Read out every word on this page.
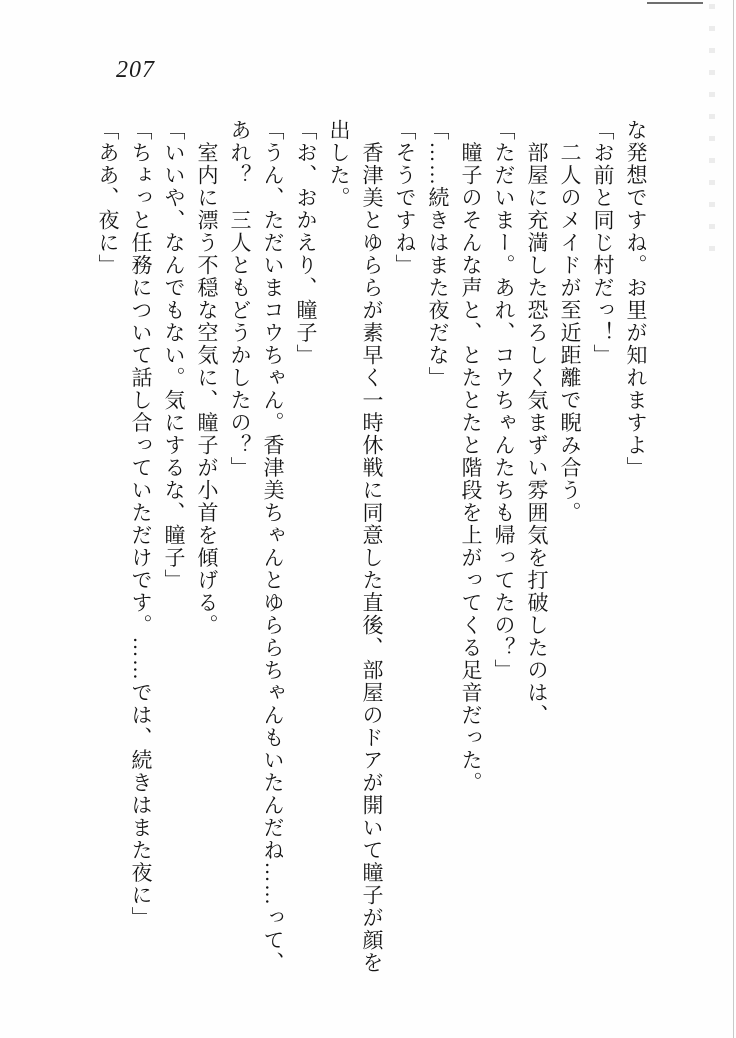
207

な発想ですね。お里が知れますよ」

「お前と同じ村だっ！」

　二人のメイドが至近距離で睨み合う。

　部屋に充満した恐ろしく気まずい雰囲気を打破したのは、

「ただいまー。あれ、コウちゃんたちも帰ってたの？」

　瞳子のそんな声と、とたとたと階段を上がってくる足音だった。

「……続きはまた夜だな」

「そうですね」

　香津美とゆららが素早く一時休戦に同意した直後、部屋のドアが開いて瞳子が顔を

出した。

「お、おかえり、瞳子」

「うん、ただいまコウちゃん。香津美ちゃんとゆららちゃんもいたんだね……って、

あれ？　三人ともどうかしたの？」

　室内に漂う不穏な空気に、瞳子が小首を傾げる。

「いいや、なんでもない。気にするな、瞳子」

「ちょっと任務について話し合っていただけです。……では、続きはまた夜に」

「ああ、夜に」
